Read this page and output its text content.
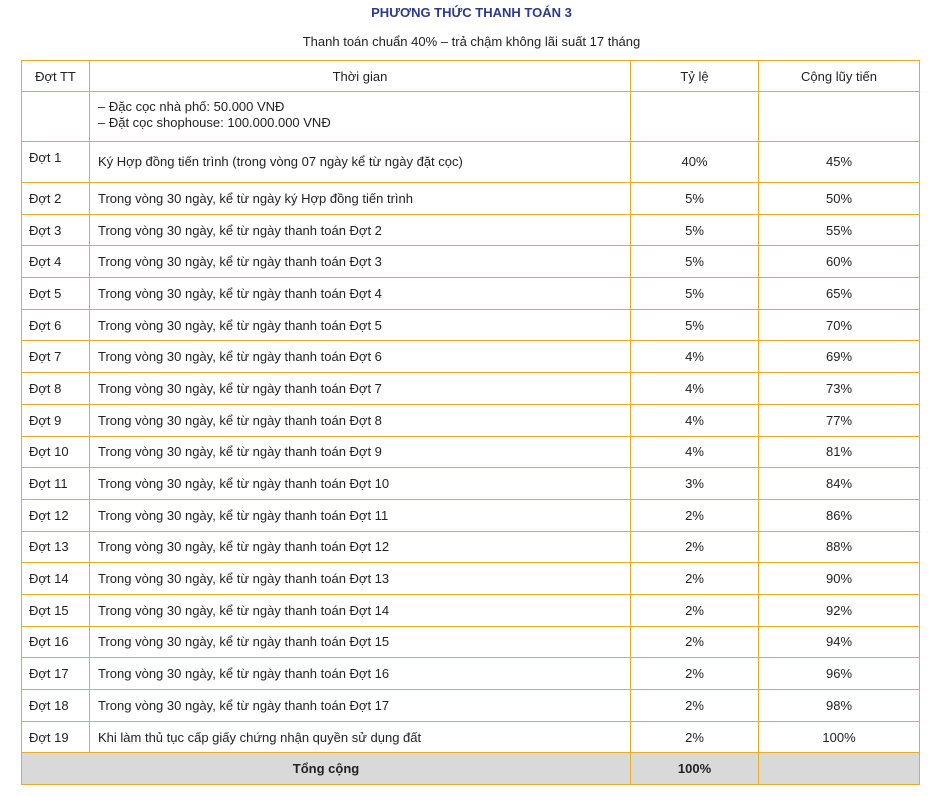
PHƯƠNG THỨC THANH TOÁN 3
Thanh toán chuẩn 40% – trả chậm không lãi suất 17 tháng
Đợt TT	Thời gian	Tỷ lệ	Cộng lũy tiến

	– Đặc cọc nhà phố: 50.000 VNĐ
– Đặt cọc shophouse: 100.000.000 VNĐ		

Đợt 1	Ký Hợp đồng tiến trình (trong vòng 07 ngày kể từ ngày đặt cọc)	40%	45%
Đợt 2	Trong vòng 30 ngày, kể từ ngày ký Hợp đồng tiến trình	5%	50%
Đợt 3	Trong vòng 30 ngày, kể từ ngày thanh toán Đợt 2	5%	55%
Đợt 4	Trong vòng 30 ngày, kể từ ngày thanh toán Đợt 3	5%	60%
Đợt 5	Trong vòng 30 ngày, kể từ ngày thanh toán Đợt 4	5%	65%
Đợt 6	Trong vòng 30 ngày, kể từ ngày thanh toán Đợt 5	5%	70%
Đợt 7	Trong vòng 30 ngày, kể từ ngày thanh toán Đợt 6	4%	69%
Đợt 8	Trong vòng 30 ngày, kể từ ngày thanh toán Đợt 7	4%	73%
Đợt 9	Trong vòng 30 ngày, kể từ ngày thanh toán Đợt 8	4%	77%
Đợt 10	Trong vòng 30 ngày, kể từ ngày thanh toán Đợt 9	4%	81%
Đợt 11	Trong vòng 30 ngày, kể từ ngày thanh toán Đợt 10	3%	84%
Đợt 12	Trong vòng 30 ngày, kể từ ngày thanh toán Đợt 11	2%	86%
Đợt 13	Trong vòng 30 ngày, kể từ ngày thanh toán Đợt 12	2%	88%
Đợt 14	Trong vòng 30 ngày, kể từ ngày thanh toán Đợt 13	2%	90%
Đợt 15	Trong vòng 30 ngày, kể từ ngày thanh toán Đợt 14	2%	92%
Đợt 16	Trong vòng 30 ngày, kể từ ngày thanh toán Đợt 15	2%	94%
Đợt 17	Trong vòng 30 ngày, kể từ ngày thanh toán Đợt 16	2%	96%
Đợt 18	Trong vòng 30 ngày, kể từ ngày thanh toán Đợt 17	2%	98%
Đợt 19	Khi làm thủ tục cấp giấy chứng nhận quyền sử dụng đất	2%	100%
Tổng cộng		100%	
